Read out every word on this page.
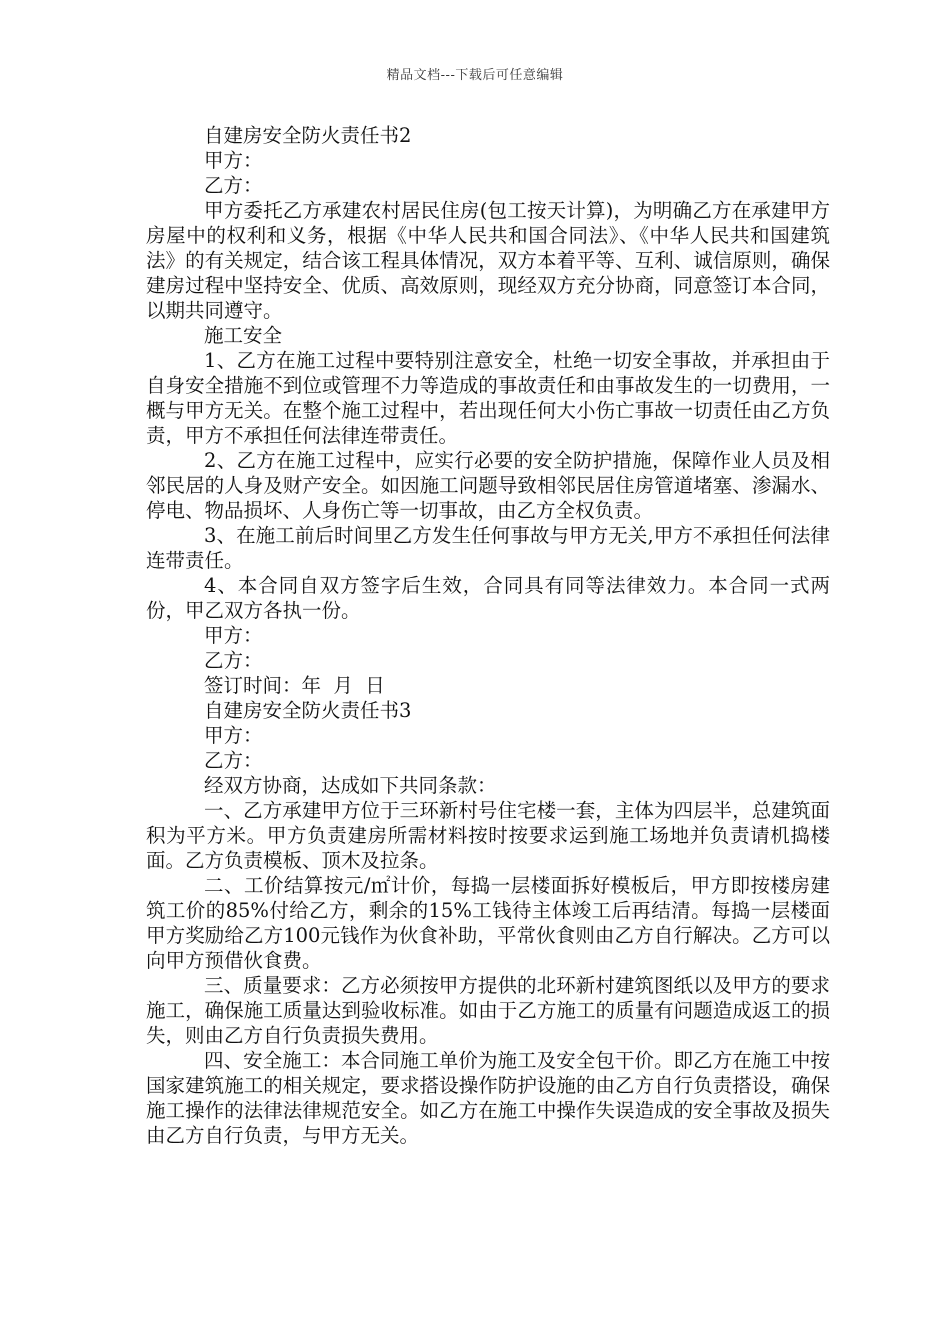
精品文档---下载后可任意编辑

自建房安全防火责任书2

甲方：

乙方：

甲方委托乙方承建农村居民住房(包工按天计算)，为明确乙方在承建甲方房屋中的权利和义务，根据《中华人民共和国合同法》、《中华人民共和国建筑法》的有关规定，结合该工程具体情况，双方本着平等、互利、诚信原则，确保建房过程中坚持安全、优质、高效原则，现经双方充分协商，同意签订本合同，以期共同遵守。

施工安全

1、乙方在施工过程中要特别注意安全，杜绝一切安全事故，并承担由于自身安全措施不到位或管理不力等造成的事故责任和由事故发生的一切费用，一概与甲方无关。在整个施工过程中，若出现任何大小伤亡事故一切责任由乙方负责，甲方不承担任何法律连带责任。

2、乙方在施工过程中，应实行必要的安全防护措施，保障作业人员及相邻民居的人身及财产安全。如因施工问题导致相邻民居住房管道堵塞、渗漏水、停电、物品损坏、人身伤亡等一切事故，由乙方全权负责。

3、在施工前后时间里乙方发生任何事故与甲方无关,甲方不承担任何法律连带责任。

4、本合同自双方签字后生效，合同具有同等法律效力。本合同一式两份，甲乙双方各执一份。

甲方：

乙方：

签订时间：年  月  日

自建房安全防火责任书3

甲方：

乙方：

经双方协商，达成如下共同条款：

一、乙方承建甲方位于三环新村号住宅楼一套，主体为四层半，总建筑面积为平方米。甲方负责建房所需材料按时按要求运到施工场地并负责请机捣楼面。乙方负责模板、顶木及拉条。

二、工价结算按元/㎡计价，每捣一层楼面拆好模板后，甲方即按楼房建筑工价的85%付给乙方，剩余的15%工钱待主体竣工后再结清。每捣一层楼面甲方奖励给乙方100元钱作为伙食补助，平常伙食则由乙方自行解决。乙方可以向甲方预借伙食费。

三、质量要求：乙方必须按甲方提供的北环新村建筑图纸以及甲方的要求施工，确保施工质量达到验收标准。如由于乙方施工的质量有问题造成返工的损失，则由乙方自行负责损失费用。

四、安全施工：本合同施工单价为施工及安全包干价。即乙方在施工中按国家建筑施工的相关规定，要求搭设操作防护设施的由乙方自行负责搭设，确保施工操作的法律法律规范安全。如乙方在施工中操作失误造成的安全事故及损失由乙方自行负责，与甲方无关。
